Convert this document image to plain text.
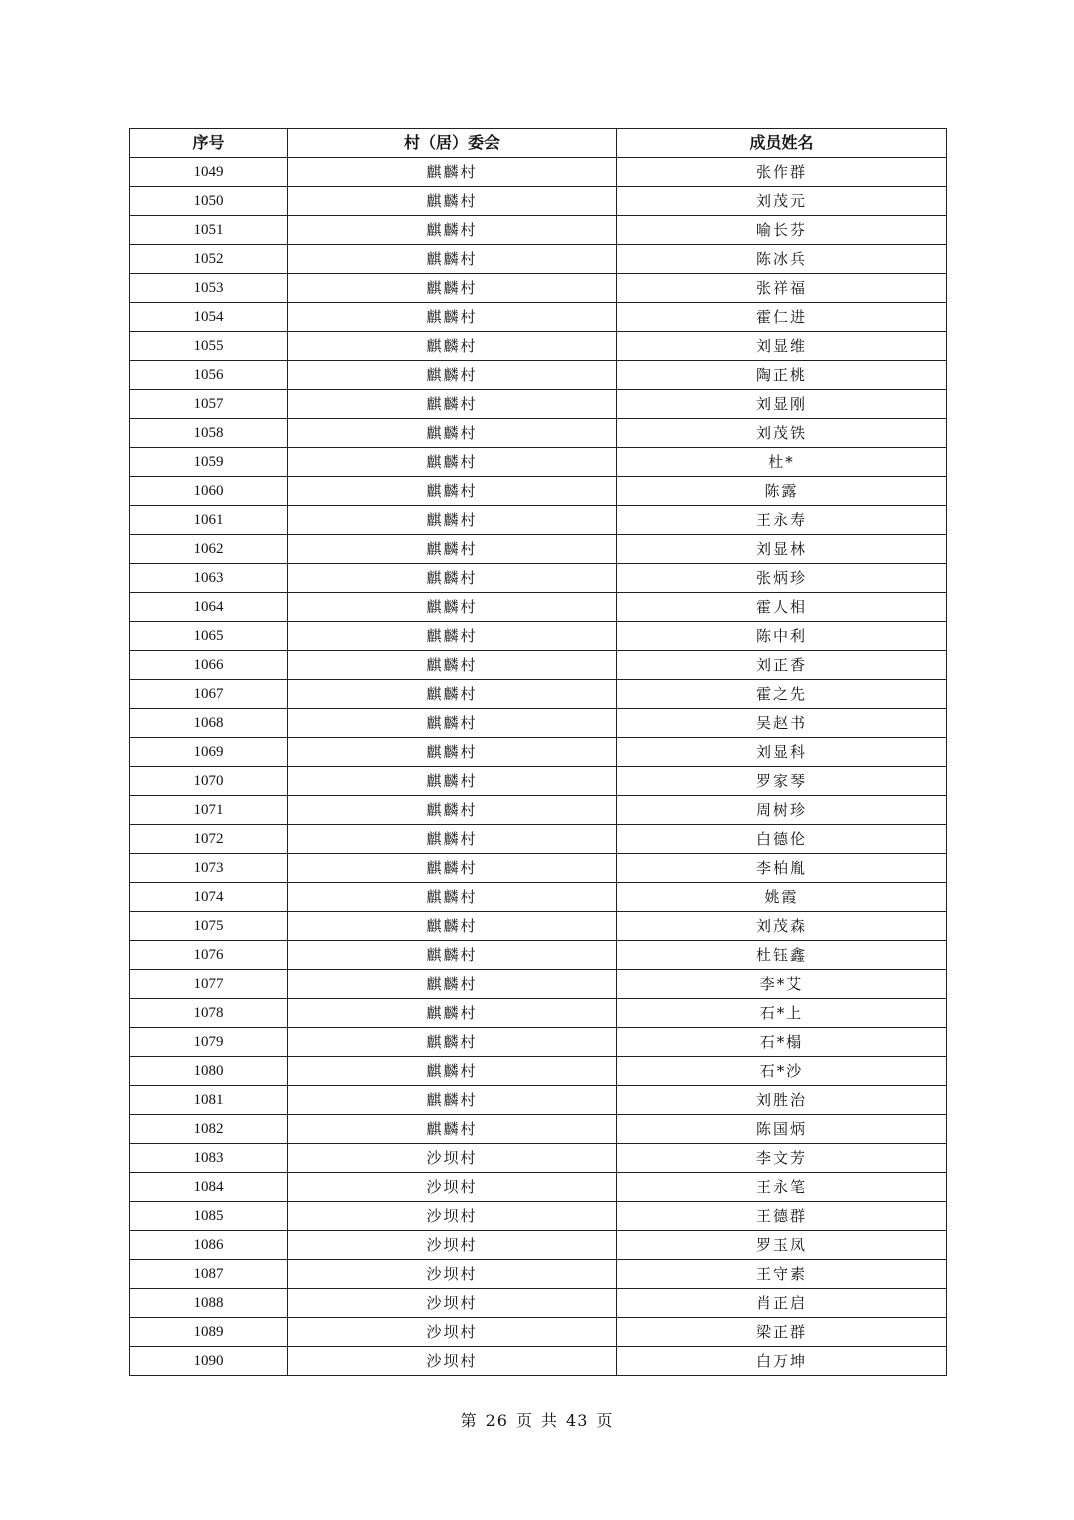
序号	村（居）委会	成员姓名
1049	麒麟村	张作群
1050	麒麟村	刘茂元
1051	麒麟村	喻长芬
1052	麒麟村	陈冰兵
1053	麒麟村	张祥福
1054	麒麟村	霍仁进
1055	麒麟村	刘显维
1056	麒麟村	陶正桃
1057	麒麟村	刘显刚
1058	麒麟村	刘茂铁
1059	麒麟村	杜*
1060	麒麟村	陈露
1061	麒麟村	王永寿
1062	麒麟村	刘显林
1063	麒麟村	张炳珍
1064	麒麟村	霍人相
1065	麒麟村	陈中利
1066	麒麟村	刘正香
1067	麒麟村	霍之先
1068	麒麟村	吴赵书
1069	麒麟村	刘显科
1070	麒麟村	罗家琴
1071	麒麟村	周树珍
1072	麒麟村	白德伦
1073	麒麟村	李柏胤
1074	麒麟村	姚霞
1075	麒麟村	刘茂森
1076	麒麟村	杜钰鑫
1077	麒麟村	李*艾
1078	麒麟村	石*上
1079	麒麟村	石*榻
1080	麒麟村	石*沙
1081	麒麟村	刘胜治
1082	麒麟村	陈国炳
1083	沙坝村	李文芳
1084	沙坝村	王永笔
1085	沙坝村	王德群
1086	沙坝村	罗玉凤
1087	沙坝村	王守素
1088	沙坝村	肖正启
1089	沙坝村	梁正群
1090	沙坝村	白万坤
第 26 页 共 43 页
